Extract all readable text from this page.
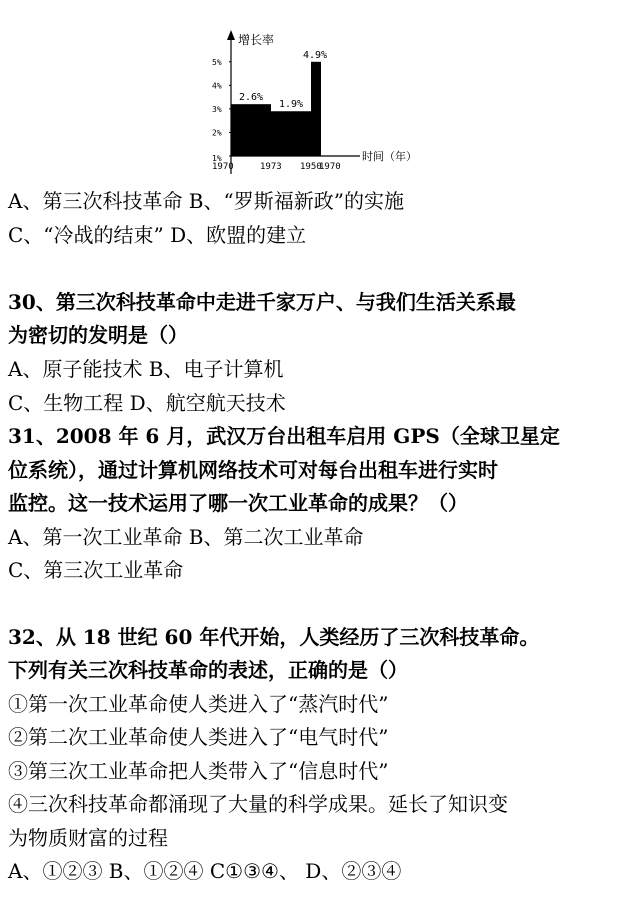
增长率
1%
2%
3%
4%
5%
2.6%
1.9%
4.9%
1970	1973 1950
1970
时间（年）
A、第三次科技革命 B、“罗斯福新政”的实施
C、“冷战的结束” D、欧盟的建立
30、第三次科技革命中走进千家万户、与我们生活关系最
为密切的发明是（）
A、原子能技术 B、电子计算机
C、生物工程 D、航空航天技术
31、2008 年 6 月，武汉万台出租车启用 GPS（全球卫星定
位系统），通过计算机网络技术可对每台出租车进行实时
监控。这一技术运用了哪一次工业革命的成果？（）
A、第一次工业革命 B、第二次工业革命
C、第三次工业革命
32、从 18 世纪 60 年代开始，人类经历了三次科技革命。
下列有关三次科技革命的表述，正确的是（）
①第一次工业革命使人类进入了“蒸汽时代”
②第二次工业革命使人类进入了“电气时代”
③第三次工业革命把人类带入了“信息时代”
④三次科技革命都涌现了大量的科学成果。延长了知识变
为物质财富的过程
A、①②③ B、①②④ C①③④、 D、②③④
